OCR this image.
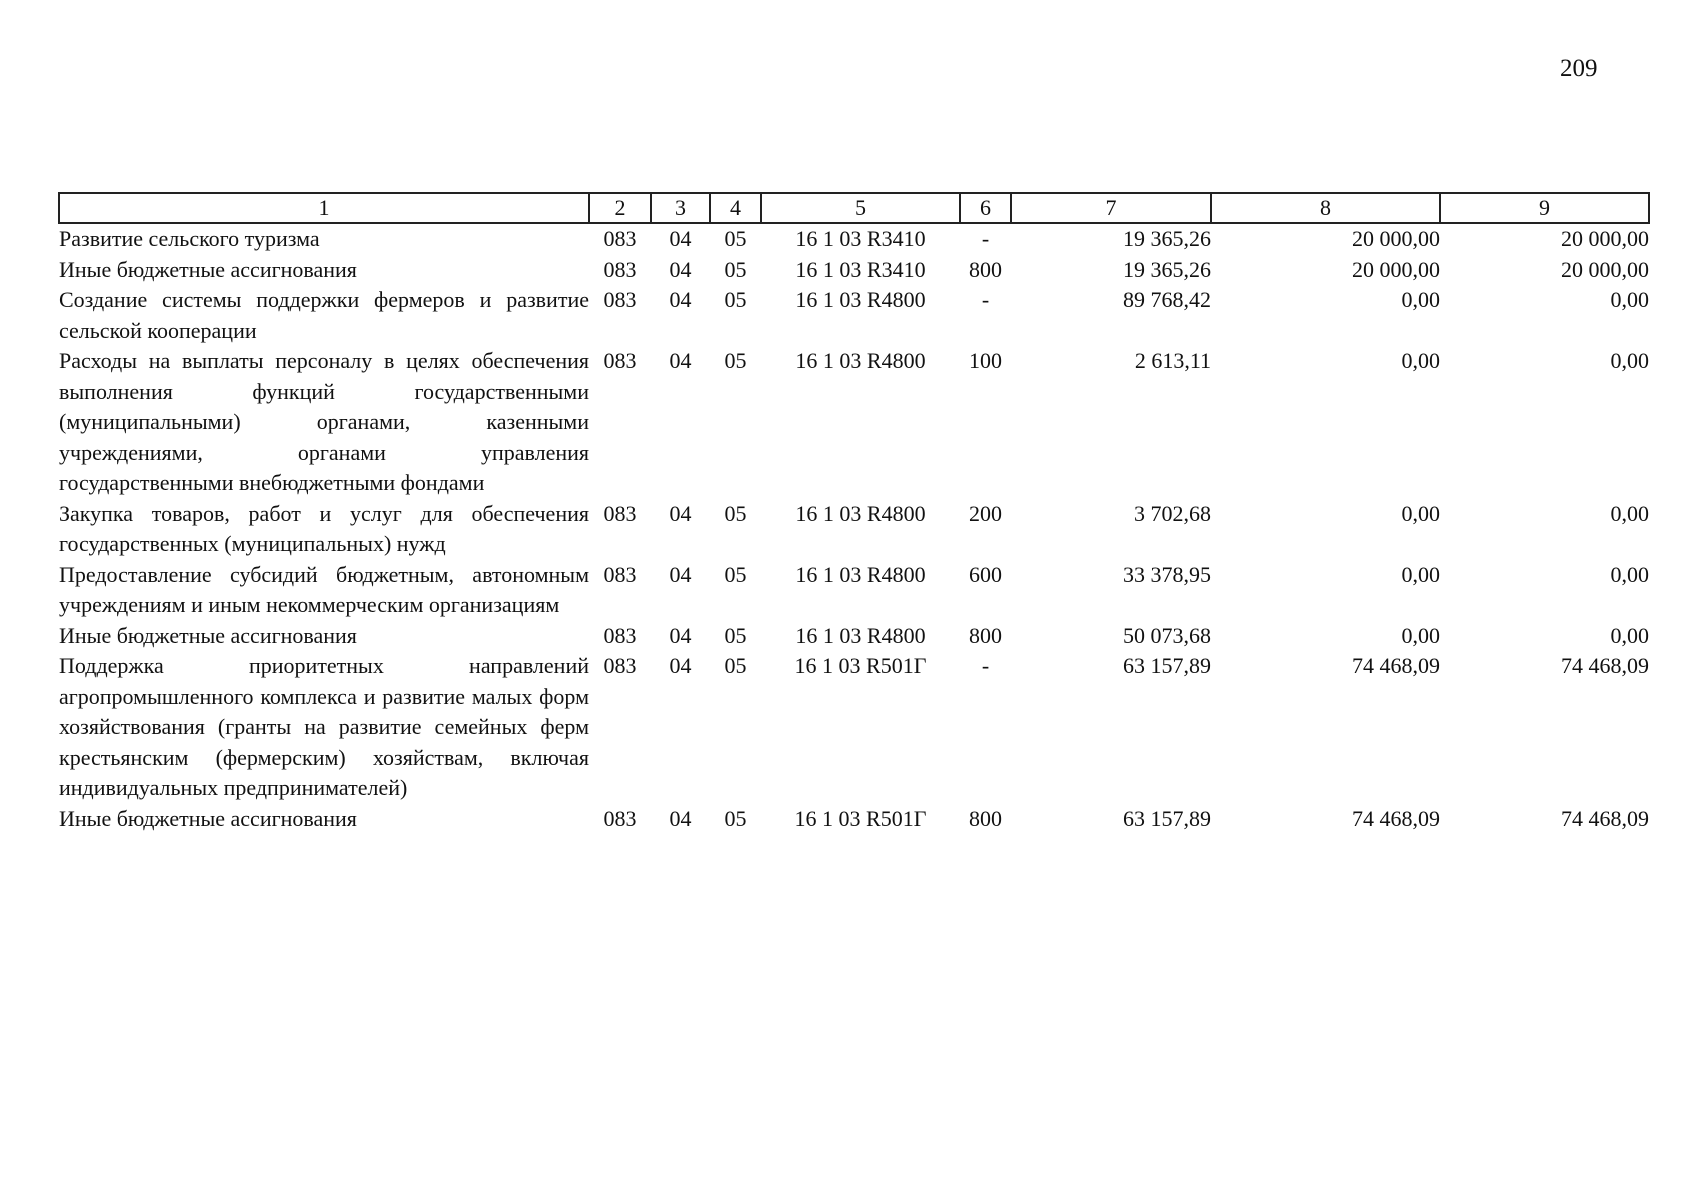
209
1	2	3	4	5	6	7	8	9
Развитие сельского туризма	083	04	05	16 1 03 R3410	-	19 365,26	20 000,00	20 000,00
Иные бюджетные ассигнования	083	04	05	16 1 03 R3410	800	19 365,26	20 000,00	20 000,00
Создание системы поддержки фермеров и развитие сельской кооперации	083	04	05	16 1 03 R4800	-	89 768,42	0,00	0,00
Расходы на выплаты персоналу в целях обеспечения выполнения функций государственными (муниципальными) органами, казенными учреждениями, органами управления государственными внебюджетными фондами	083	04	05	16 1 03 R4800	100	2 613,11	0,00	0,00
Закупка товаров, работ и услуг для обеспечения государственных (муниципальных) нужд	083	04	05	16 1 03 R4800	200	3 702,68	0,00	0,00
Предоставление субсидий бюджетным, автономным учреждениям и иным некоммерческим организациям	083	04	05	16 1 03 R4800	600	33 378,95	0,00	0,00
Иные бюджетные ассигнования	083	04	05	16 1 03 R4800	800	50 073,68	0,00	0,00
Поддержка приоритетных направлений агропромышленного комплекса и развитие малых форм хозяйствования (гранты на развитие семейных ферм крестьянским (фермерским) хозяйствам, включая индивидуальных предпринимателей)	083	04	05	16 1 03 R501Г	-	63 157,89	74 468,09	74 468,09
Иные бюджетные ассигнования	083	04	05	16 1 03 R501Г	800	63 157,89	74 468,09	74 468,09
